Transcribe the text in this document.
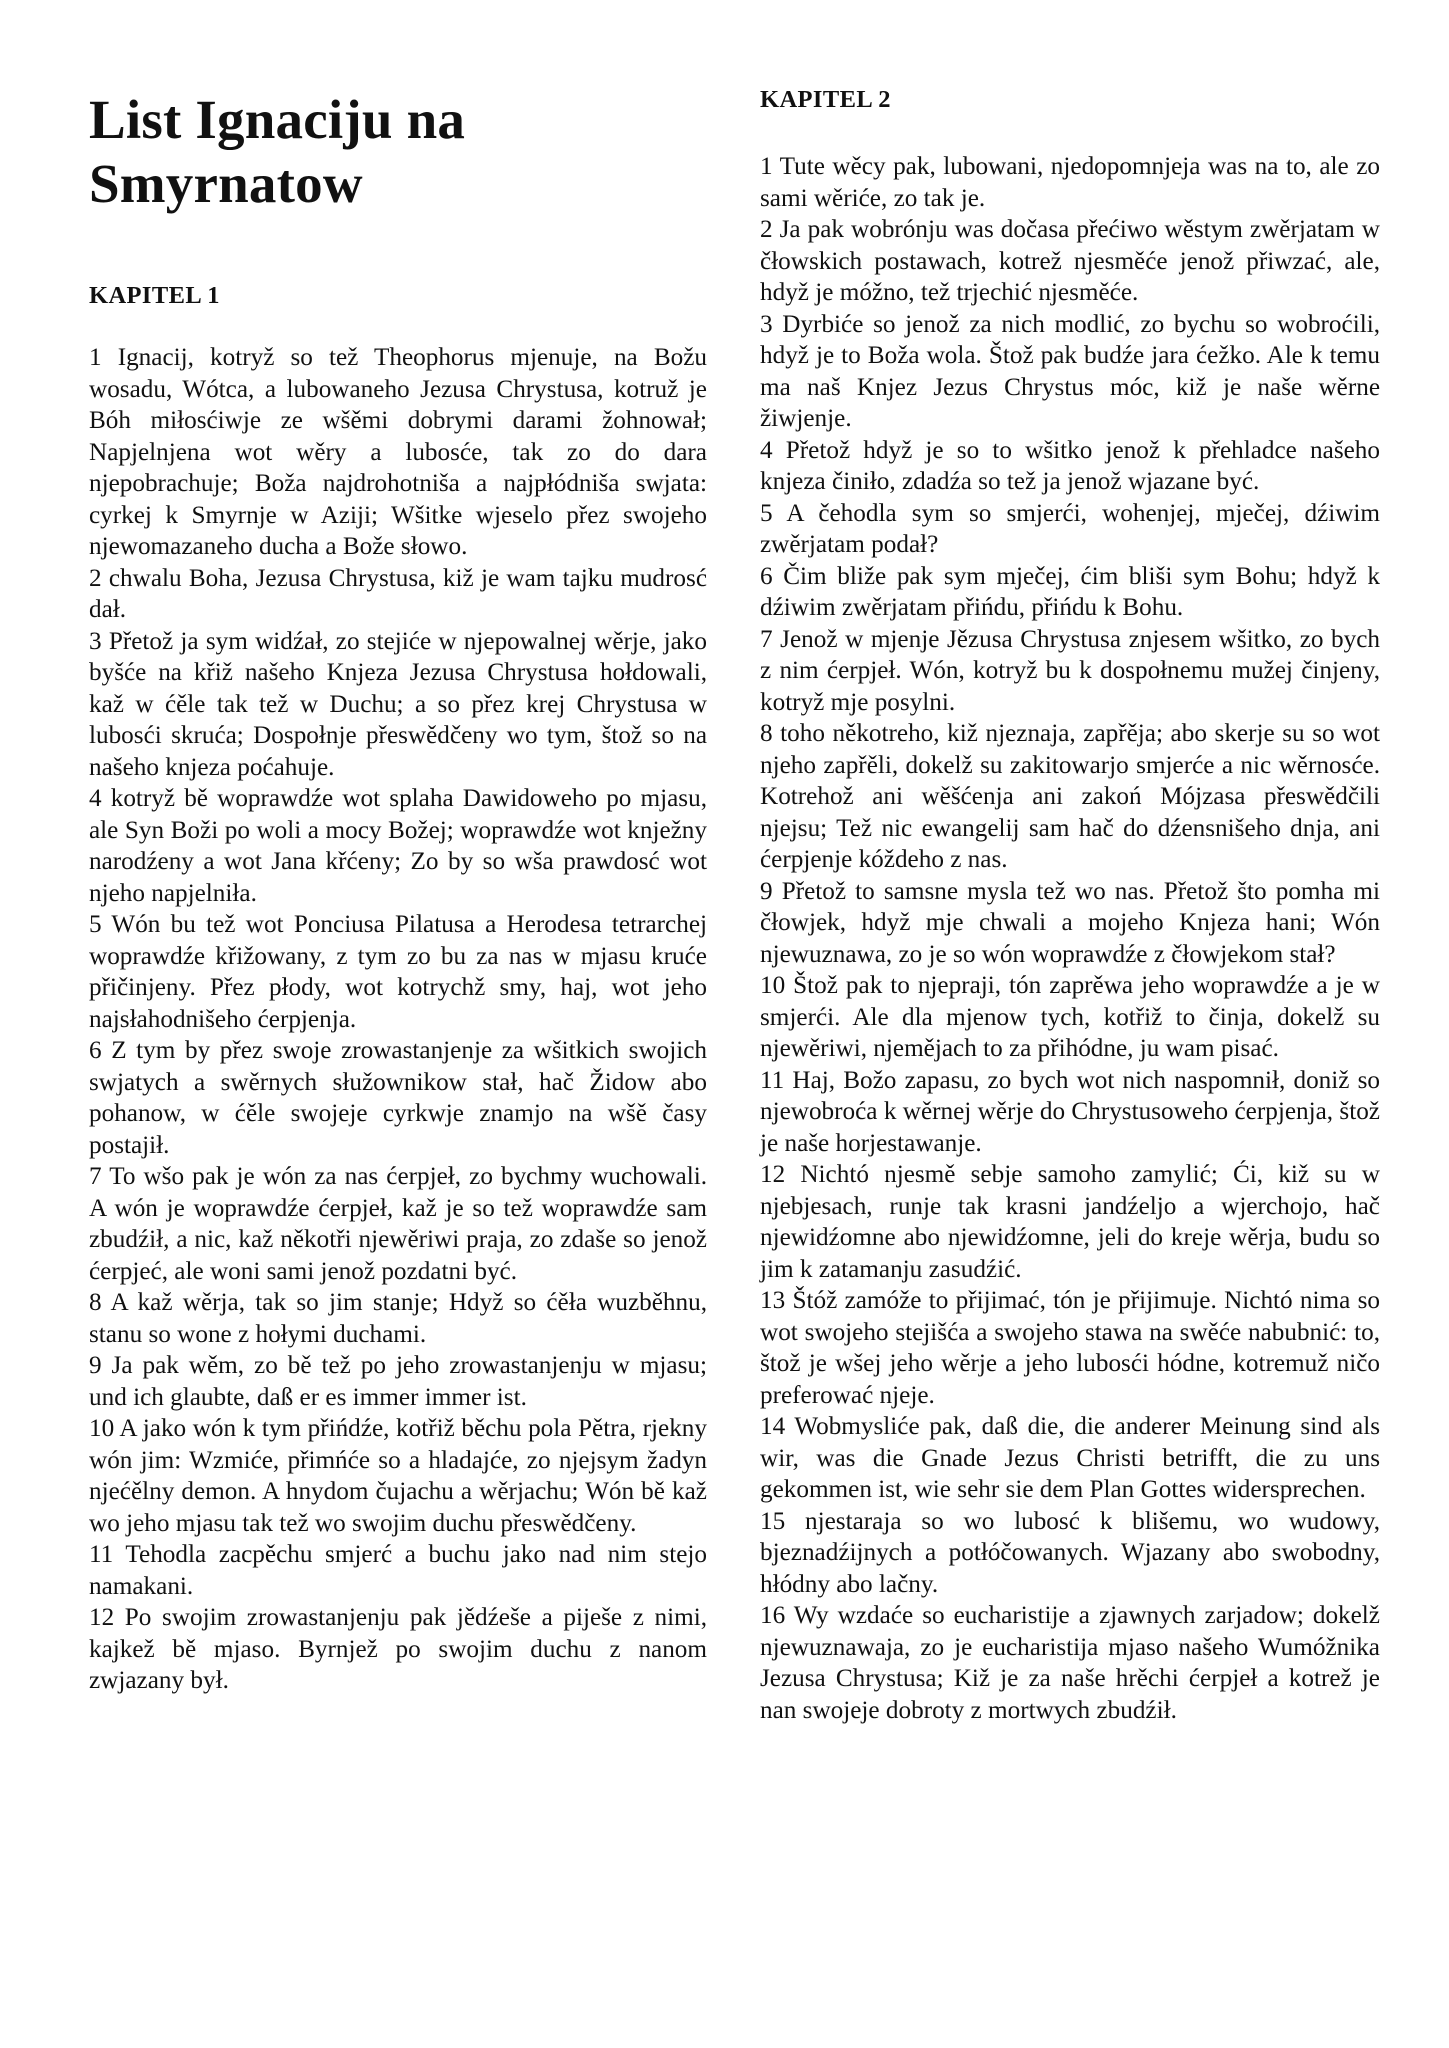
List Ignaciju na Smyrnatow
KAPITEL 1

1 Ignacij, kotryž so tež Theophorus mjenuje, na Božu wosadu, Wótca, a lubowaneho Jezusa Chrystusa, kotruž je Bóh miłosćiwje ze wšěmi dobrymi darami žohnował; Napjelnjena wot wěry a lubosće, tak zo do dara njepobrachuje; Boža najdrohotniša a najpłódniša swjata: cyrkej k Smyrnje w Aziji; Wšitke wjeselo přez swojeho njewomazaneho ducha a Bože słowo.

2 chwalu Boha, Jezusa Chrystusa, kiž je wam tajku mudrosć dał.

3 Přetož ja sym widźał, zo stejiće w njepowalnej wěrje, jako byšće na křiž našeho Knjeza Jezusa Chrystusa hołdowali, kaž w ćěle tak tež w Duchu; a so přez krej Chrystusa w lubosći skruća; Dospołnje přeswědčeny wo tym, štož so na našeho knjeza poćahuje.

4 kotryž bě woprawdźe wot splaha Dawidoweho po mjasu, ale Syn Boži po woli a mocy Božej; woprawdźe wot knježny narodźeny a wot Jana křćeny; Zo by so wša prawdosć wot njeho napjelniła.

5 Wón bu tež wot Ponciusa Pilatusa a Herodesa tetrarchej woprawdźe křižowany, z tym zo bu za nas w mjasu kruće přičinjeny. Přez płody, wot kotrychž smy, haj, wot jeho najsłahodnišeho ćerpjenja.

6 Z tym by přez swoje zrowastanjenje za wšitkich swojich swjatych a swěrnych słužownikow stał, hač Židow abo pohanow, w ćěle swojeje cyrkwje znamjo na wšě časy postajił.

7 To wšo pak je wón za nas ćerpjeł, zo bychmy wuchowali. A wón je woprawdźe ćerpjeł, kaž je so tež woprawdźe sam zbudźił, a nic, kaž někotři njewěriwi praja, zo zdaše so jenož ćerpjeć, ale woni sami jenož pozdatni być.

8 A kaž wěrja, tak so jim stanje; Hdyž so ćěła wuzběhnu, stanu so wone z hołymi duchami.

9 Ja pak wěm, zo bě tež po jeho zrowastanjenju w mjasu; und ich glaubte, daß er es immer immer ist.

10 A jako wón k tym přińdźe, kotřiž běchu pola Pětra, rjekny wón jim: Wzmiće, přimńće so a hladajće, zo njejsym žadyn njećělny demon. A hnydom čujachu a wěrjachu; Wón bě kaž wo jeho mjasu tak tež wo swojim duchu přeswědčeny.

11 Tehodla zacpěchu smjerć a buchu jako nad nim stejo namakani.

12 Po swojim zrowastanjenju pak jědźeše a piješe z nimi, kajkež bě mjaso. Byrnjež po swojim duchu z nanom zwjazany był.

KAPITEL 2

1 Tute wěcy pak, lubowani, njedopomnjeja was na to, ale zo sami wěriće, zo tak je.

2 Ja pak wobrónju was dočasa přećiwo wěstym zwěrjatam w čłowskich postawach, kotrež njesměće jenož přiwzać, ale, hdyž je móžno, tež trjechić njesměće.

3 Dyrbiće so jenož za nich modlić, zo bychu so wobroćili, hdyž je to Boža wola. Štož pak budźe jara ćežko. Ale k temu ma naš Knjez Jezus Chrystus móc, kiž je naše wěrne žiwjenje.

4 Přetož hdyž je so to wšitko jenož k přehladce našeho knjeza činiło, zdadźa so tež ja jenož wjazane być.

5 A čehodla sym so smjerći, wohenjej, mječej, dźiwim zwěrjatam podał?

6 Čim bliže pak sym mječej, ćim bliši sym Bohu; hdyž k dźiwim zwěrjatam přińdu, přińdu k Bohu.

7 Jenož w mjenje Jězusa Chrystusa znjesem wšitko, zo bych z nim ćerpjeł. Wón, kotryž bu k dospołnemu mužej činjeny, kotryž mje posylni.

8 toho někotreho, kiž njeznaja, zapřěja; abo skerje su so wot njeho zapřěli, dokelž su zakitowarjo smjerće a nic wěrnosće. Kotrehož ani wěšćenja ani zakoń Mójzasa přeswědčili njejsu; Tež nic ewangelij sam hač do dźensnišeho dnja, ani ćerpjenje kóždeho z nas.

9 Přetož to samsne mysla tež wo nas. Přetož što pomha mi čłowjek, hdyž mje chwali a mojeho Knjeza hani; Wón njewuznawa, zo je so wón woprawdźe z čłowjekom stał?

10 Štož pak to njepraji, tón zaprěwa jeho woprawdźe a je w smjerći. Ale dla mjenow tych, kotřiž to činja, dokelž su njewěriwi, njemějach to za přihódne, ju wam pisać.

11 Haj, Božo zapasu, zo bych wot nich naspomnił, doniž so njewobroća k wěrnej wěrje do Chrystusoweho ćerpjenja, štož je naše horjestawanje.

12 Nichtó njesmě sebje samoho zamylić; Ći, kiž su w njebjesach, runje tak krasni jandźeljo a wjerchojo, hač njewidźomne abo njewidźomne, jeli do kreje wěrja, budu so jim k zatamanju zasudźić.

13 Štóž zamóže to přijimać, tón je přijimuje. Nichtó nima so wot swojeho stejišća a swojeho stawa na swěće nabubnić: to, štož je wšej jeho wěrje a jeho lubosći hódne, kotremuž ničo preferować njeje.

14 Wobmysliće pak, daß die, die anderer Meinung sind als wir, was die Gnade Jezus Christi betrifft, die zu uns gekommen ist, wie sehr sie dem Plan Gottes widersprechen.

15 njestaraja so wo lubosć k blišemu, wo wudowy, bjeznadźijnych a potłóčowanych. Wjazany abo swobodny, hłódny abo lačny.

16 Wy wzdaće so eucharistije a zjawnych zarjadow; dokelž njewuznawaja, zo je eucharistija mjaso našeho Wumóžnika Jezusa Chrystusa; Kiž je za naše hrěchi ćerpjeł a kotrež je nan swojeje dobroty z mortwych zbudźił.
